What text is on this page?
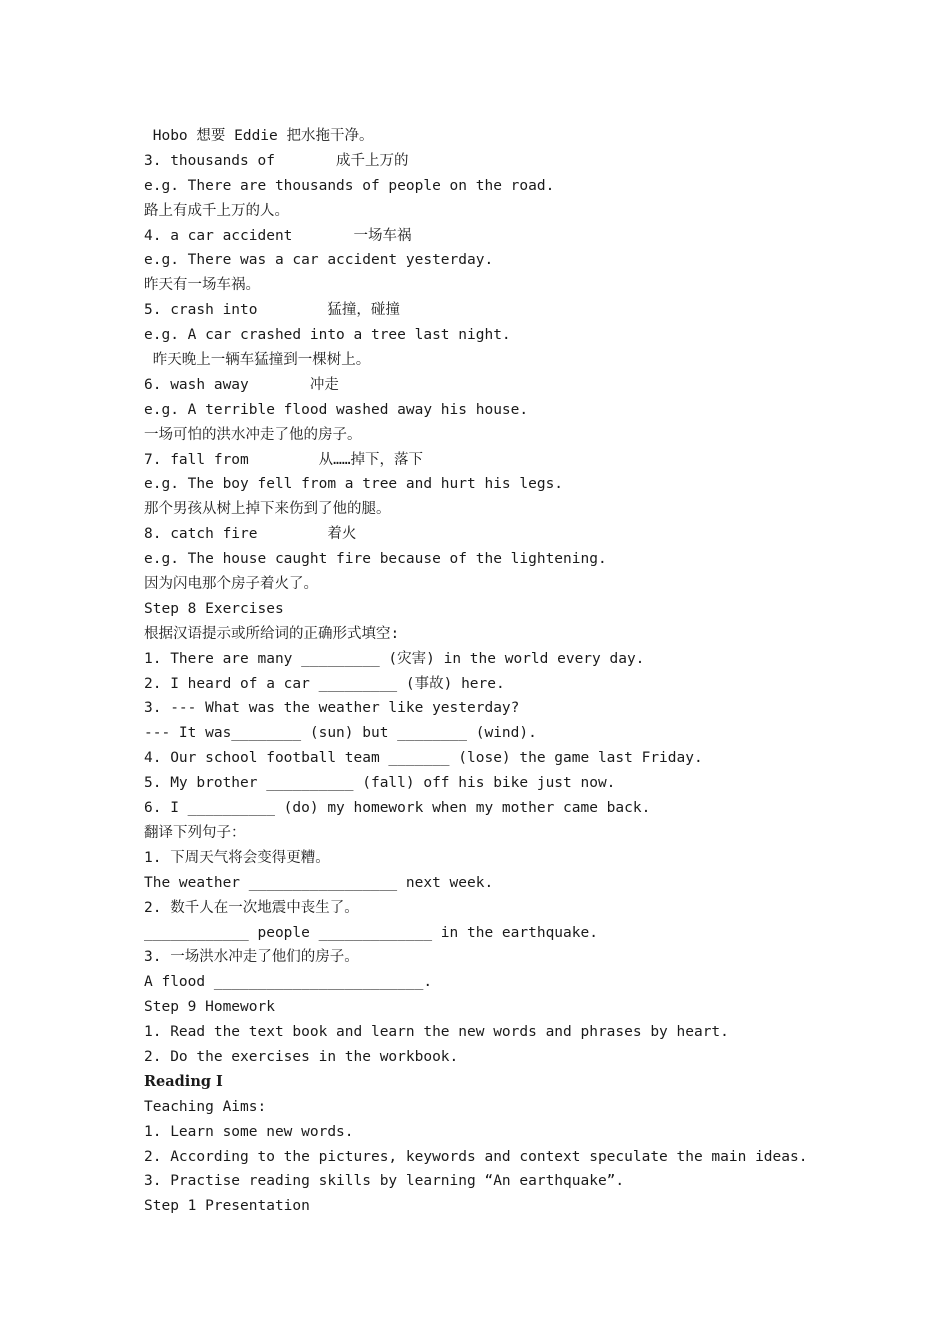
Hobo 想要 Eddie 把水拖干净。
3. thousands of       成千上万的
e.g. There are thousands of people on the road.
路上有成千上万的人。
4. a car accident       一场车祸
e.g. There was a car accident yesterday.
昨天有一场车祸。
5. crash into        猛撞，碰撞
e.g. A car crashed into a tree last night.
昨天晚上一辆车猛撞到一棵树上。
6. wash away       冲走
e.g. A terrible flood washed away his house.
一场可怕的洪水冲走了他的房子。
7. fall from        从……掉下，落下
e.g. The boy fell from a tree and hurt his legs.
那个男孩从树上掉下来伤到了他的腿。
8. catch fire        着火
e.g. The house caught fire because of the lightening.
因为闪电那个房子着火了。
Step 8 Exercises
根据汉语提示或所给词的正确形式填空:
1. There are many _________ (灾害) in the world every day.
2. I heard of a car _________ (事故) here.
3. --- What was the weather like yesterday?
--- It was________ (sun) but ________ (wind).
4. Our school football team _______ (lose) the game last Friday.
5. My brother __________ (fall) off his bike just now.
6. I __________ (do) my homework when my mother came back.
翻译下列句子：
1. 下周天气将会变得更糟。
The weather _________________ next week.
2. 数千人在一次地震中丧生了。
____________ people _____________ in the earthquake.
3. 一场洪水冲走了他们的房子。
A flood ________________________.
Step 9 Homework
1. Read the text book and learn the new words and phrases by heart.
2. Do the exercises in the workbook.
Reading I
Teaching Aims:
1. Learn some new words.
2. According to the pictures, keywords and context speculate the main ideas.
3. Practise reading skills by learning “An earthquake”.
Step 1 Presentation
